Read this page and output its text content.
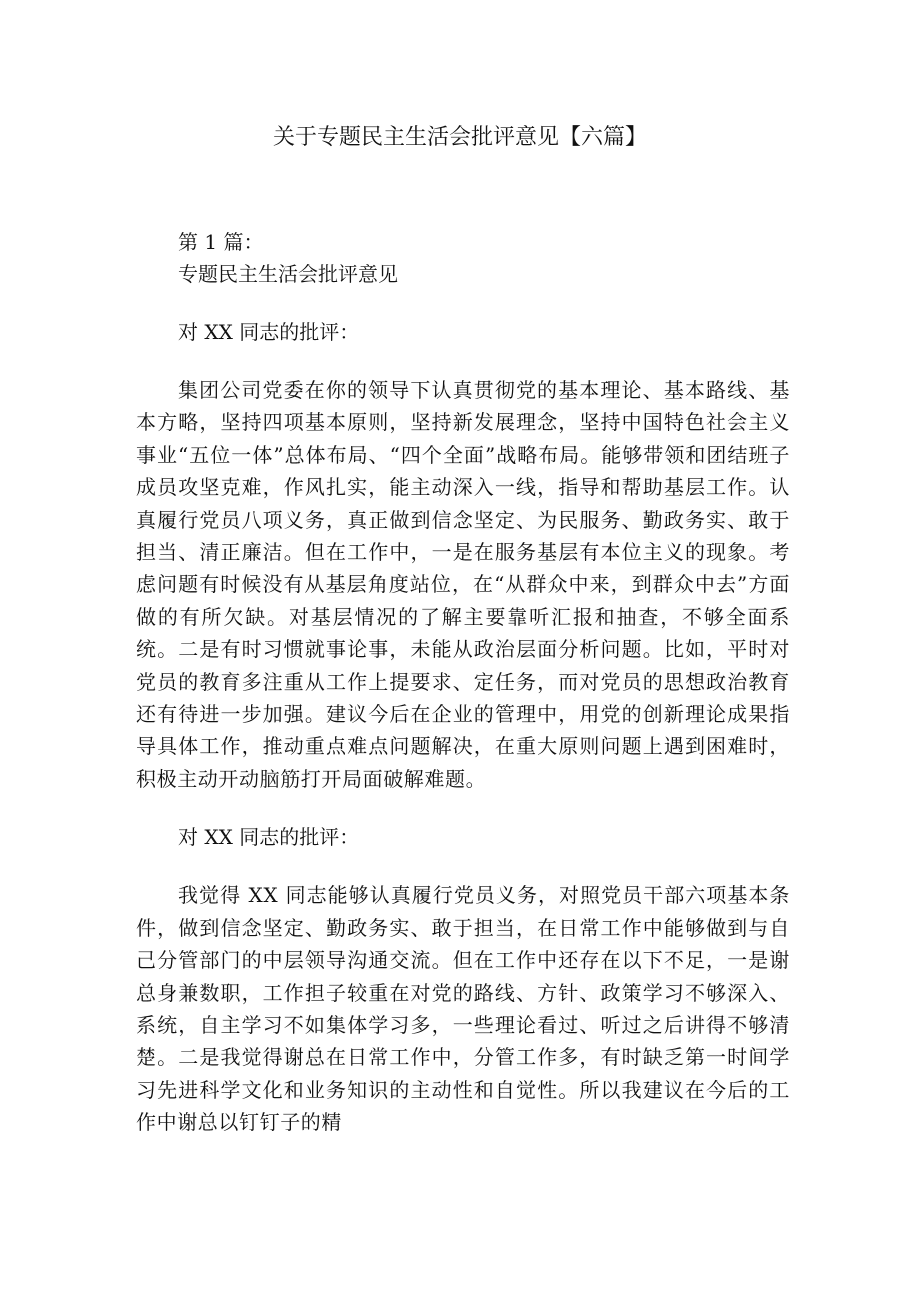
关于专题民主生活会批评意见【六篇】

第 1 篇：

专题民主生活会批评意见

对 XX 同志的批评：

集团公司党委在你的领导下认真贯彻党的基本理论、基本路线、基本方略，坚持四项基本原则，坚持新发展理念，坚持中国特色社会主义事业“五位一体”总体布局、“四个全面”战略布局。能够带领和团结班子成员攻坚克难，作风扎实，能主动深入一线，指导和帮助基层工作。认真履行党员八项义务，真正做到信念坚定、为民服务、勤政务实、敢于担当、清正廉洁。但在工作中，一是在服务基层有本位主义的现象。考虑问题有时候没有从基层角度站位，在“从群众中来，到群众中去”方面做的有所欠缺。对基层情况的了解主要靠听汇报和抽查，不够全面系统。二是有时习惯就事论事，未能从政治层面分析问题。比如，平时对党员的教育多注重从工作上提要求、定任务，而对党员的思想政治教育还有待进一步加强。建议今后在企业的管理中，用党的创新理论成果指导具体工作，推动重点难点问题解决，在重大原则问题上遇到困难时，积极主动开动脑筋打开局面破解难题。

对 XX 同志的批评：

我觉得 XX 同志能够认真履行党员义务，对照党员干部六项基本条件，做到信念坚定、勤政务实、敢于担当，在日常工作中能够做到与自己分管部门的中层领导沟通交流。但在工作中还存在以下不足，一是谢总身兼数职，工作担子较重在对党的路线、方针、政策学习不够深入、系统，自主学习不如集体学习多，一些理论看过、听过之后讲得不够清楚。二是我觉得谢总在日常工作中，分管工作多，有时缺乏第一时间学习先进科学文化和业务知识的主动性和自觉性。所以我建议在今后的工作中谢总以钉钉子的精
